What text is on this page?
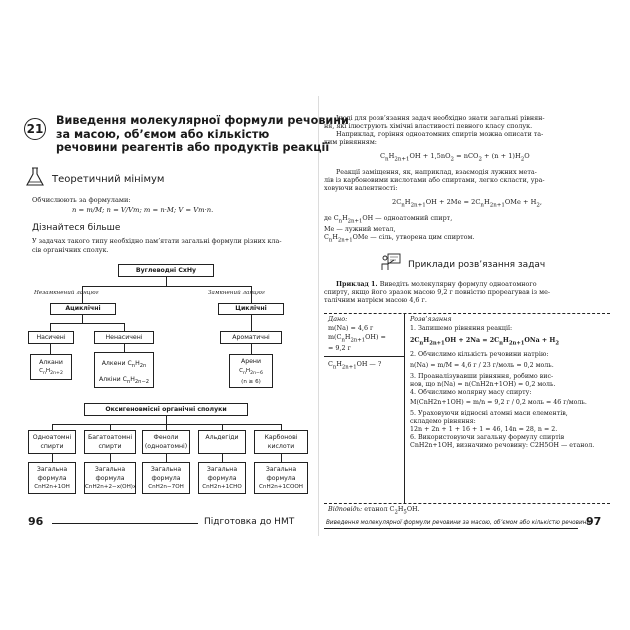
21
Виведення молекулярної формули речовини
за масою, об’ємом або кількістю
речовини реагентів або продуктів реакції
Теоретичний мінімум
Обчислюють за формулами:
n = m/M; n = V/Vm; m = n·M; V = Vm·n.
Дізнайтеся більше
У задачах такого типу необхідно пам’ятати загальні формули різних кла-
сів органічних сполук.
Вуглеводні CxHy
Незамкнений ланцюг	Замкнений ланцюг
Ациклічні	Циклічні
Насичені	Ненасичені	Ароматичні
Алкани
$C_nH_{2n+2}$
Алкени $C_nH_{2n}$
Алкіни $C_nH_{2n-2}$
Арени
$C_nH_{2n-6}$
(n ≥ 6)
Оксигеновмісні органічні сполуки
Одноатомні
спирти
Загальна
формула
CnH2n+1OH
Багатоатомні
спирти
Загальна
формула
CnH2n+2−x(OH)x
Феноли
(одноатомні)
Загальна
формула
CnH2n−7OH
Альдегіди
Загальна
формула
CnH2n+1CHO
Карбонові
кислоти
Загальна
формула
CnH2n+1COOH
96	Підготовка до НМТ
Іноді для розв’язання задач необхідно знати загальні рівнян-
ня, які ілюструють хімічні властивості певного класу сполук.
Наприклад, горіння одноатомних спиртів можна описати та-
ким рівнянням:
$C_nH_{2n+1}OH + 1,5nO_2 = nCO_2 + (n + 1)H_2O$
Реакції заміщення, як, наприклад, взаємодія лужних мета-
лів із карбоновими кислотами або спиртами, легко скласти, ура-
ховуючи валентності:
$2C_nH_{2n+1}OH + 2Me = 2C_nH_{2n+1}OMe + H_2$,
де $C_nH_{2n+1}OH$ — одноатомний спирт,
Me — лужний метал,
$C_nH_{2n+1}OMe$ — сіль, утворена цим спиртом.
Приклади розв’язання задач
Приклад 1. Виведіть молекулярну формулу одноатомного
спирту, якщо його зразок масою 9,2 г повністю прореагував із ме-
талічним натрієм масою 4,6 г.
Дано:
m(Na) = 4,6 г
$m(C_nH_{2n+1}OH)$ =
= 9,2 г
$C_nH_{2n+1}OH$ — ?
Розв’язання
1. Запишемо рівняння реакції:
$2C_nH_{2n+1}OH + 2Na = 2C_nH_{2n+1}ONa + H_2$
2. Обчислимо кількість речовини натрію:
n(Na) = m/M = 4,6 г / 23 г/моль = 0,2 моль.
3. Проаналізувавши рівняння, робимо вис-
нов, що n(Na) = n(CnH2n+1OH) = 0,2 моль.
4. Обчислимо молярну масу спирту:
M(CnH2n+1OH) = m/n = 9,2 г / 0,2 моль = 46 г/моль.
5. Ураховуючи відносні атомні маси елементів,
складемо рівняння:
12n + 2n + 1 + 16 + 1 = 46, 14n = 28, n = 2.
6. Використовуючи загальну формулу спиртів
CnH2n+1OH, визначимо речовину: C2H5OH — етанол.
Відповідь: етанол $C_2H_5OH$.
Виведення молекулярної формули речовини за масою, об’ємом або кількістю речовини
97
